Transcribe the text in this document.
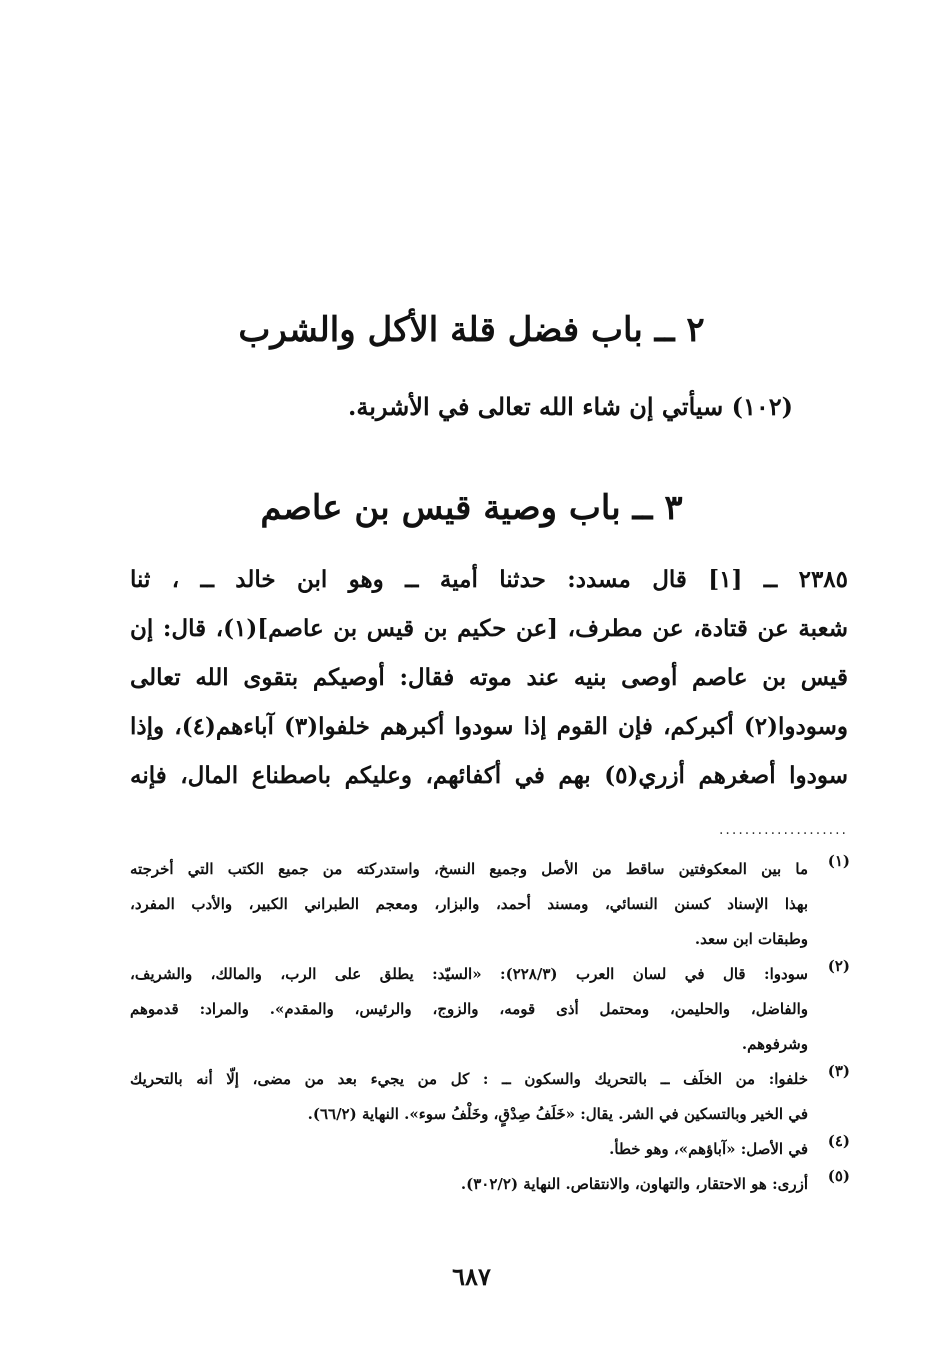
٢ ــ باب فضل قلة الأكل والشرب
(١٠٢) سيأتي إن شاء الله تعالى في الأشربة.
٣ ــ باب وصية قيس بن عاصم
٢٣٨٥ ــ [١] قال مسدد: حدثنا أمية ــ وهو ابن خالد ــ ، ثنا
شعبة عن قتادة، عن مطرف، [عن حكيم بن قيس بن عاصم](١)، قال: إن
قيس بن عاصم أوصى بنيه عند موته فقال: أوصيكم بتقوى الله تعالى
وسودوا(٢) أكبركم، فإن القوم إذا سودوا أكبرهم خلفوا(٣) آباءهم(٤)، وإذا
سودوا أصغرهم أزري(٥) بهم في أكفائهم، وعليكم باصطناع المال، فإنه
....................
(١)
ما بين المعكوفتين ساقط من الأصل وجميع النسخ، واستدركته من جميع الكتب التي أخرجته
بهذا الإسناد كسنن النسائي، ومسند أحمد، والبزار، ومعجم الطبراني الكبير، والأدب المفرد،
وطبقات ابن سعد.
(٢)
سودوا: قال في لسان العرب (٢٢٨/٣): «السيّد: يطلق على الرب، والمالك، والشريف،
والفاضل، والحليمن، ومحتمل أذى قومه، والزوج، والرئيس، والمقدم». والمراد: قدموهم
وشرفوهم.
(٣)
خلفوا: من الخلَف ــ بالتحريك والسكون ــ : كل من يجيء بعد من مضى، إلّا أنه بالتحريك
في الخير وبالتسكين في الشر. يقال: «خَلَفُ صِدْقٍ، وخَلْفُ سوء». النهاية (٦٦/٢).
(٤)
في الأصل: «آباؤهم»، وهو خطأ.
(٥)
أزرى: هو الاحتقار، والتهاون، والانتقاص. النهاية (٣٠٢/٢).
٦٨٧
